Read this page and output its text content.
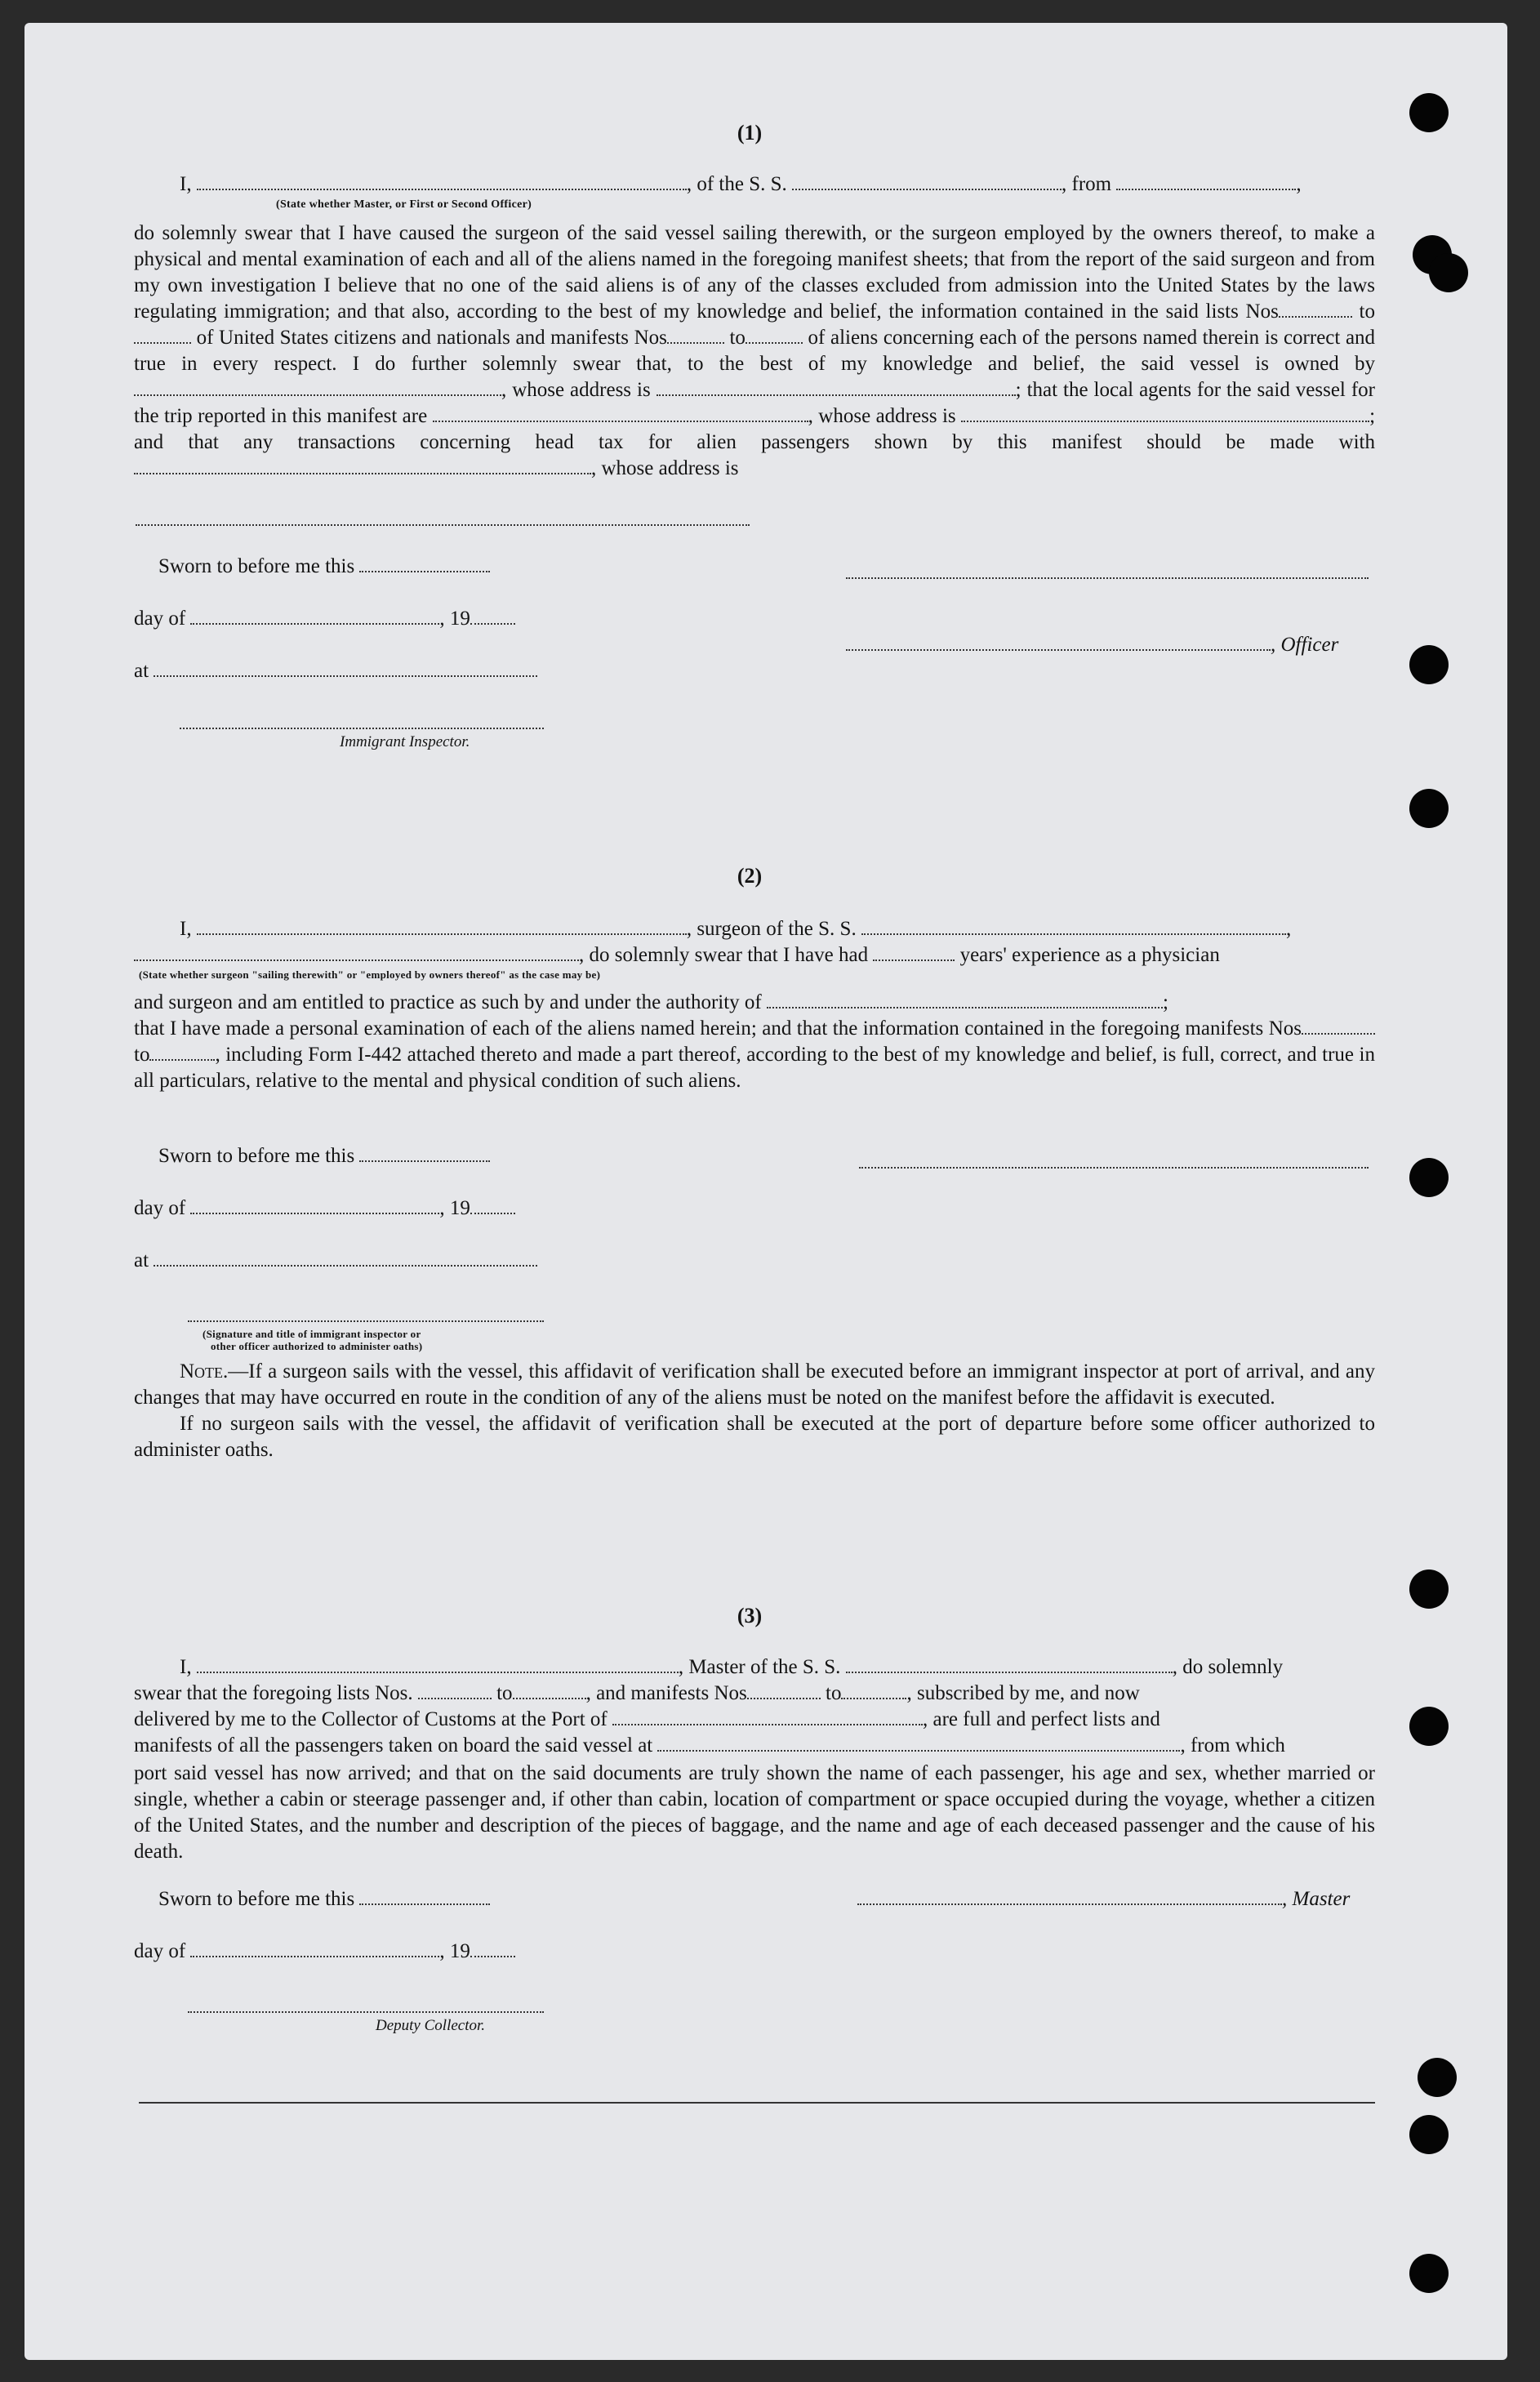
(1)
I,	, of the S. S.	, from	,
(State whether Master, or First or Second Officer)

do solemnly swear that I have caused the surgeon of the said vessel sailing therewith, or the surgeon employed by the owners thereof, to make a physical and mental examination of each and all of the aliens named in the foregoing manifest sheets; that from the report of the said surgeon and from my own investigation I believe that no one of the said aliens is of any of the classes excluded from admission into the United States by the laws regulating immigration; and that also, according to the best of my knowledge and belief, the information contained in the said lists Nos	to of United States citizens and nationals and manifests Nos	to	of aliens concerning each of the persons named therein is correct and true in every respect. I do further solemnly swear that, to the best of my knowledge and belief, the said vessel is owned by , whose address is	; that the local agents for the said vessel for the trip reported in this manifest are	, whose address is	; and that any transactions concerning head tax for alien passengers shown by this manifest should be made with , whose address is

Sworn to before me this
day of	, 19
, Officer
at
Immigrant Inspector.
(2)
I,	, surgeon of the S. S.	,
, do solemnly swear that I have had	years' experience as a physician
(State whether surgeon "sailing therewith" or "employed by owners thereof" as the case may be)
and surgeon and am entitled to practice as such by and under the authority of	;

that I have made a personal examination of each of the aliens named herein; and that the information contained in the foregoing manifests Nos to	, including Form I-442 attached thereto and made a part thereof, according to the best of my knowledge and belief, is full, correct, and true in all particulars, relative to the mental and physical condition of such aliens.

Sworn to before me this
day of	, 19
at
(Signature and title of immigrant inspector or
other officer authorized to administer oaths)

Note.—If a surgeon sails with the vessel, this affidavit of verification shall be executed before an immigrant inspector at port of arrival, and any changes that may have occurred en route in the condition of any of the aliens must be noted on the manifest before the affidavit is executed.

If no surgeon sails with the vessel, the affidavit of verification shall be executed at the port of departure before some officer authorized to administer oaths.

(3)
I,	, Master of the S. S.	, do solemnly
swear that the foregoing lists Nos.	to	, and manifests Nos	to	, subscribed by me, and now
delivered by me to the Collector of Customs at the Port of	, are full and perfect lists and
manifests of all the passengers taken on board the said vessel at	, from which

port said vessel has now arrived; and that on the said documents are truly shown the name of each passenger, his age and sex, whether married or single, whether a cabin or steerage passenger and, if other than cabin, location of compartment or space occupied during the voyage, whether a citizen of the United States, and the number and description of the pieces of baggage, and the name and age of each deceased passenger and the cause of his death.

Sworn to before me this	, Master
day of	, 19
Deputy Collector.
